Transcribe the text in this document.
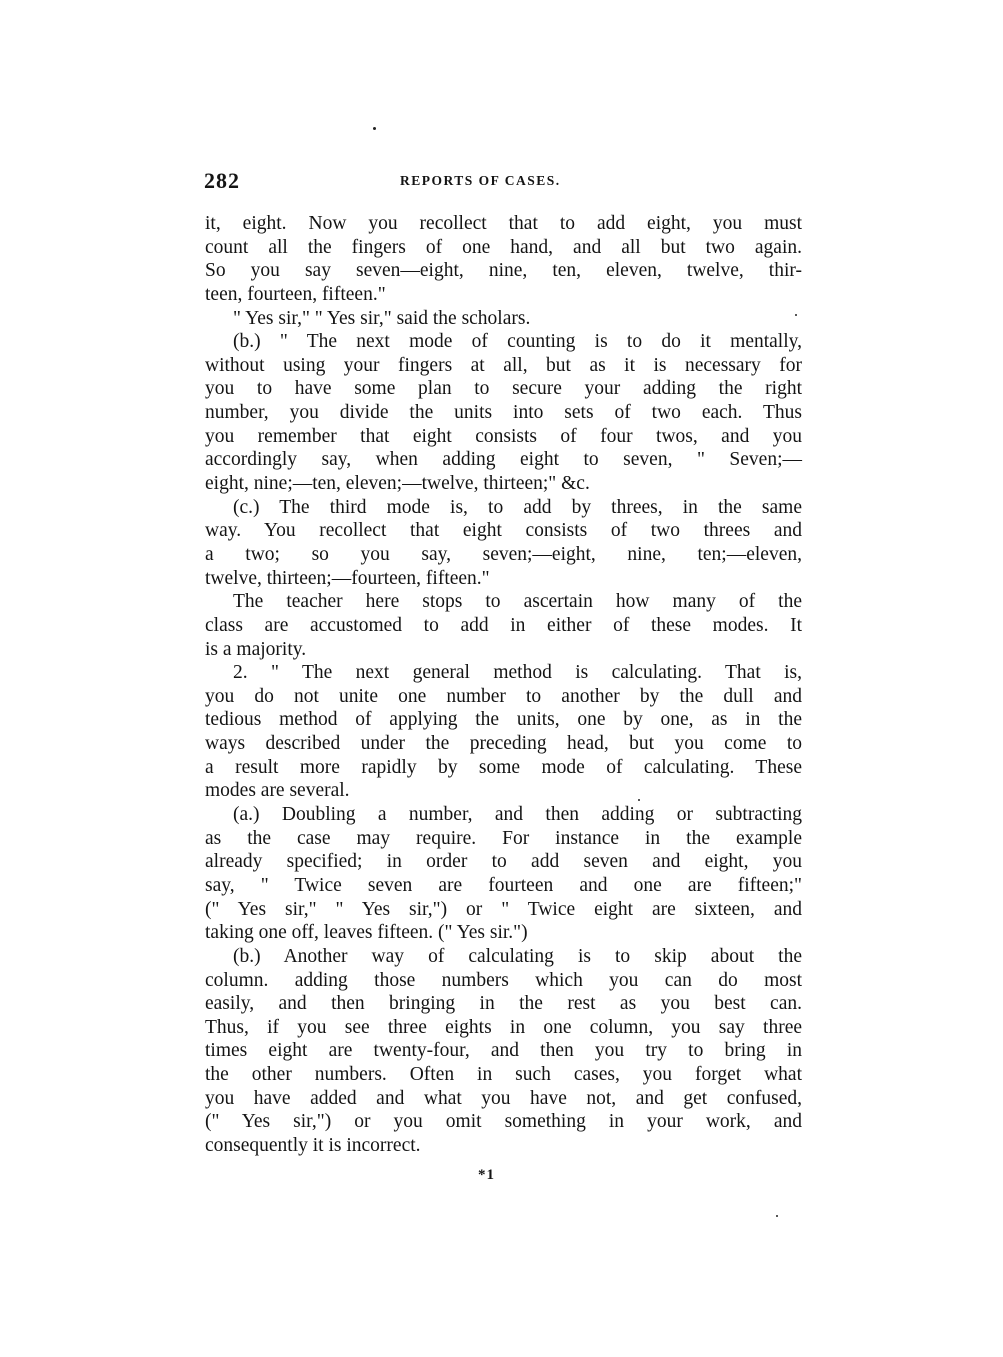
282	REPORTS OF CASES.
it, eight. Now you recollect that to add eight, you must
count all the fingers of one hand, and all but two again.
So you say seven—eight, nine, ten, eleven, twelve, thir-
teen, fourteen, fifteen."
" Yes sir," " Yes sir," said the scholars.
(b.) " The next mode of counting is to do it mentally,
without using your fingers at all, but as it is necessary for
you to have some plan to secure your adding the right
number, you divide the units into sets of two each. Thus
you remember that eight consists of four twos, and you
accordingly say, when adding eight to seven, " Seven;—
eight, nine;—ten, eleven;—twelve, thirteen;" &c.
(c.) The third mode is, to add by threes, in the same
way. You recollect that eight consists of two threes and
a two; so you say, seven;—eight, nine, ten;—eleven,
twelve, thirteen;—fourteen, fifteen."
The teacher here stops to ascertain how many of the
class are accustomed to add in either of these modes. It
is a majority.
2. " The next general method is calculating. That is,
you do not unite one number to another by the dull and
tedious method of applying the units, one by one, as in the
ways described under the preceding head, but you come to
a result more rapidly by some mode of calculating. These
modes are several.
(a.) Doubling a number, and then adding or subtracting
as the case may require. For instance in the example
already specified; in order to add seven and eight, you
say, " Twice seven are fourteen and one are fifteen;"
(" Yes sir," " Yes sir,") or " Twice eight are sixteen, and
taking one off, leaves fifteen. (" Yes sir.")
(b.) Another way of calculating is to skip about the
column. adding those numbers which you can do most
easily, and then bringing in the rest as you best can.
Thus, if you see three eights in one column, you say three
times eight are twenty-four, and then you try to bring in
the other numbers. Often in such cases, you forget what
you have added and what you have not, and get confused,
(" Yes sir,") or you omit something in your work, and
consequently it is incorrect.
*1
